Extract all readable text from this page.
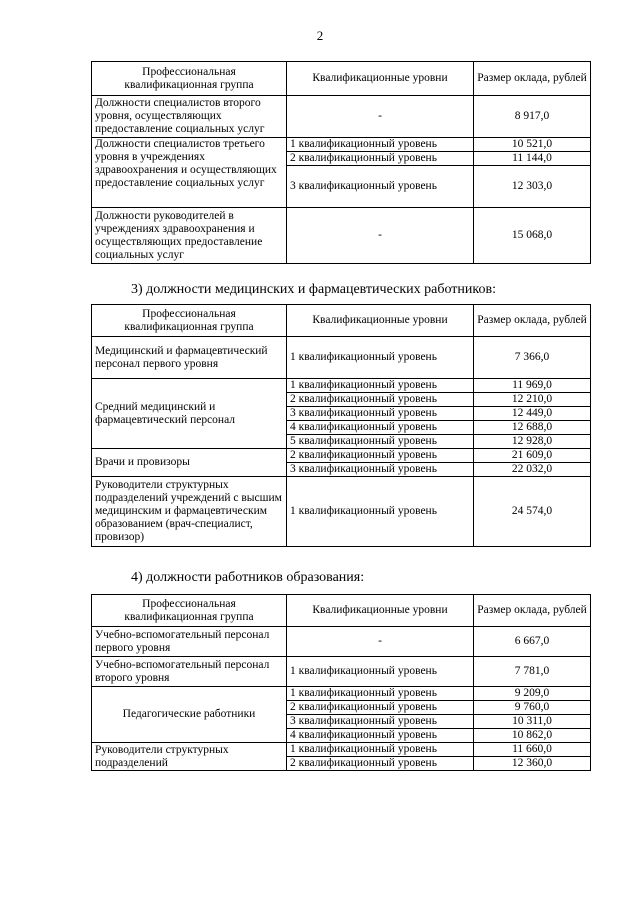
2
Профессиональная квалификационная группа	Квалификационные уровни	Размер оклада, рублей
Должности специалистов второго уровня, осуществляющих предоставление социальных услуг	-	8 917,0
Должности специалистов третьего уровня в учреждениях здравоохранения и осуществляющих предоставление социальных услуг	1 квалификационный уровень	10 521,0
	2 квалификационный уровень	11 144,0
	3 квалификационный уровень	12 303,0
Должности руководителей в учреждениях здравоохранения и осуществляющих предоставление социальных услуг	-	15 068,0
3) должности медицинских и фармацевтических работников:
Профессиональная квалификационная группа	Квалификационные уровни	Размер оклада, рублей
Медицинский и фармацевтический персонал первого уровня	1 квалификационный уровень	7 366,0
Средний медицинский и фармацевтический персонал	1 квалификационный уровень	11 969,0
	2 квалификационный уровень	12 210,0
	3 квалификационный уровень	12 449,0
	4 квалификационный уровень	12 688,0
	5 квалификационный уровень	12 928,0
Врачи и провизоры	2 квалификационный уровень	21 609,0
	3 квалификационный уровень	22 032,0
Руководители структурных подразделений учреждений с высшим медицинским и фармацевтическим образованием (врач-специалист, провизор)	1 квалификационный уровень	24 574,0
4) должности работников образования:
Профессиональная квалификационная группа	Квалификационные уровни	Размер оклада, рублей
Учебно-вспомогательный персонал первого уровня	-	6 667,0
Учебно-вспомогательный персонал второго уровня	1 квалификационный уровень	7 781,0
Педагогические работники	1 квалификационный уровень	9 209,0
	2 квалификационный уровень	9 760,0
	3 квалификационный уровень	10 311,0
	4 квалификационный уровень	10 862,0
Руководители структурных подразделений	1 квалификационный уровень	11 660,0
	2 квалификационный уровень	12 360,0
